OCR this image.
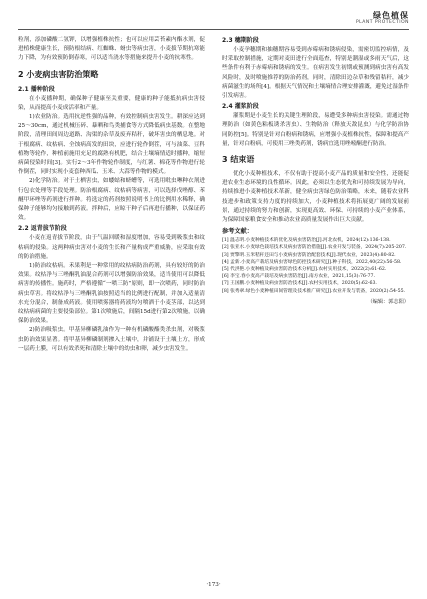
绿色植保
PLANT PROTECTION

粒剂，添加磷酸二氢钾，以增强植株抗性；也可以应用芸苔素内酯水剂，促进植株健康生长，预防根结病、红蜘蛛、蚜虫等病虫害，小麦拔节期抗寒能力下降，为有效预防倒春寒，可以适当浇水等措施来提升小麦的抗寒性。

2 小麦病虫害防治策略
2.1 播种阶段

在小麦播种期，确保种子健康至关重要，健康的种子能抵抗病虫害侵染，从而提高小麦成活率和产量。

1)农业防治。选用抗逆性强的品种，有效控制病虫害发生。耕深应达到25～30cm，通过机械压碎、暴晒和鸟类捕食等方式降低病虫基数。在整地阶段，清理田间周边道路、沟渠的杂草及废弃秸秆，破坏害虫的栖息地。对于根腐病、纹枯病、全蚀病高发的田块，应进行轮作倒茬，可与油菜、豆科植物等轮作，种植前施用充足的腐熟有机肥，结合土壤墒情适时播种，缩短病菌侵染时间[3]。实行2～3年作物轮作制度，与红薯、棉花等作物进行轮作倒茬，同时实现小麦套种西瓜、玉米、大蒜等作物的模式。

2)化学防治。对于土栖害虫，如蝼蛄和蛴螬等，可选用吡虫啉种衣剂进行包衣处理等手段处理。防治根腐病、纹枯病等病害，可以选择戊唑醇、苯醚甲环唑等药剂进行拌种。将选定的药剂按照说明书上的比例用水稀释，确保种子能够均匀接触到药液。拌种后，应晾干种子后再进行播种，以保证药效。

2.2 返青拔节阶段

小麦在返青拔节阶段，由于气温回暖和湿度增加，容易受到吸浆虫和纹枯病的侵染。这两种病虫害对小麦的生长和产量构成严重威胁，应采取有效的防治措施。

1)防治纹枯病。禾果利是一种常用的纹枯病防治药剂，具有较好的防治效果。纹枯净与三唑酮乳油混合药剂可以增强防治效果，适当使用可以降低病害的传播性。施药时，严格遵循“一喷三防”原则，即一次喷药，同时防治病虫草害。将纹枯净与三唑酮乳油按照适当的比例进行配制，并加入适量清水充分混合，制备成药液。使用喷雾器将药液均匀喷洒于小麦茎部，以达到纹枯病病菌的主要侵染部位。第1次喷施后，间隔15d进行第2次喷施，以确保防治效果。

2)防治吸浆虫。甲基异柳磷乳油作为一种有机磷酸酯类杀虫剂，对吸浆虫防治效果显著。将甲基异柳磷制剂掺入土壤中，并铺设于土壤上方，形成一层药土膜，可以有效杀死和清除土壤中的幼虫和卵，减少虫害发生。

2.3 穗期阶段

小麦孕穗期和抽穗期容易受到赤霉病和锈病侵染，需密切监控病情，及时采取控制措施，定期对麦田进行全面巡查，特别是潮湿或多雨天气后，这些条件有利于赤霉病和锈病的发生。在病害发生初期或预测到病虫害有高发风险时，及时喷施推荐的防治药剂，同时，清除田边杂草和残留秸秆，减少病菌滋生的场所[4]。根据天气情况和土壤墒情合理安排灌溉，避免过湿条件引发病害。

2.4 灌浆阶段

灌浆期是小麦生长的关键生理阶段，易遭受多种病虫害侵染。需通过物理防治（如黄色粘板诱杀害虫）、生物防治（释放天敌昆虫）与化学防治协同防控[5]。特别是针对白粉病和锈病，应增强小麦植株抗性，保障和提高产量，针对白粉病，可使用三唑类药剂，锈病宜选用唑嘧酮进行防治。

3 结束语

优化小麦种植技术，不仅有助于提高小麦产品的质量和安全性，还能促进农业生态环境的良性循环。因此，必须以生态优先和可持续发展为导向，持续推进小麦种植技术革新，健全病虫害绿色防治策略，未来，随着农业科技进步和政策支持力度的持续加大，小麦种植技术将拓展更广阔的发展前景，通过持续的努力和创新，实现更高效、环保、可持续的小麦产业体系，为保障国家粮食安全和推动农业高质量发展作出巨大贡献。

参考文献：
[1] 温志明.小麦种植技术的优化及病虫害防治[J].河北农机，2024(12):136-138.
[2] 张亚水.小麦绿色栽培技术及病虫害防治措施[J].农业开发与装备，2024(7):205-207.
[3] 贾擎明.玉米秸秆还田与小麦病虫害防治配套技术[J].现代农业，2023(4):80-82.
[4] 孟新.小麦高产栽培及病虫害绿色防控技术研究[J].种子科技，2022,40(22):56-58.
[5] 代洪艳.小麦种植及病虫害防治技术分析[J].农村实用技术，2022(2):61-62.
[6] 李宝.春小麦高产栽培及病虫害防治[J].南方农业，2021,15(3):76-77.
[7] 王国鹏.小麦种植及病虫害防治技术[J].农村实用技术，2020(5):62-63.
[8] 张秀翠.绿色小麦种植田间管理及技术推广研究[J].农业开发与装备，2020(2):54-55.
（编辑：郭志阳）
·173·
